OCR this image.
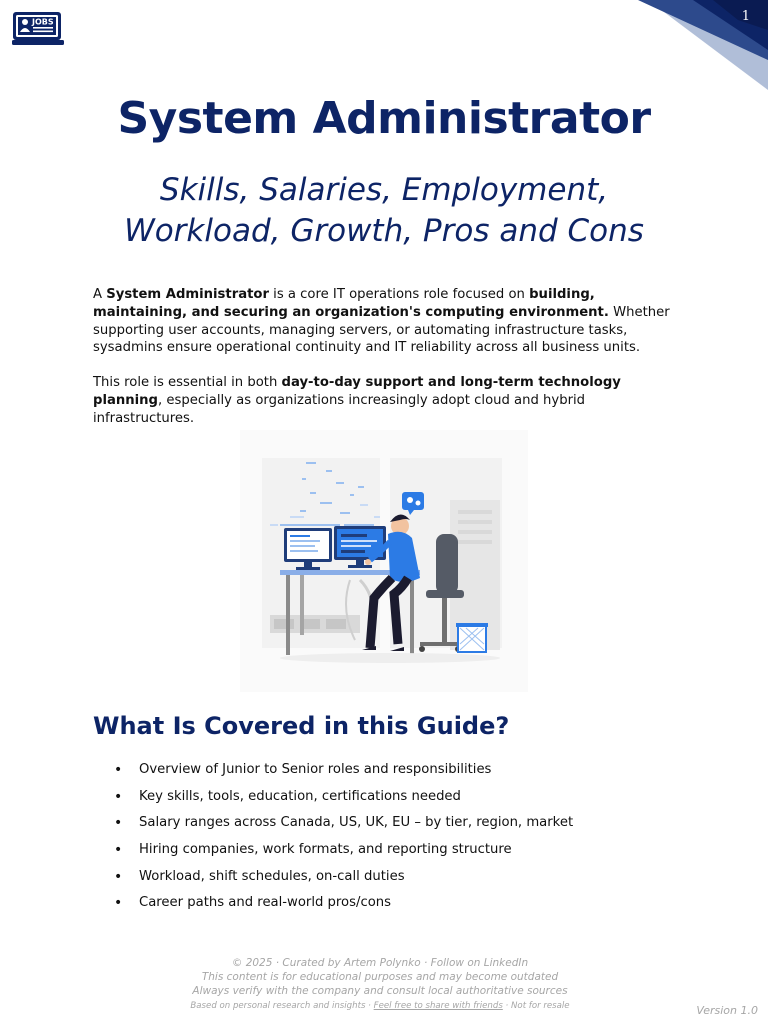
JOBS	1
System Administrator
Skills, Salaries, Employment,
Workload, Growth, Pros and Cons

A System Administrator is a core IT operations role focused on building, maintaining, and securing an organization's computing environment. Whether supporting user accounts, managing servers, or automating infrastructure tasks, sysadmins ensure operational continuity and IT reliability across all business units.

This role is essential in both day-to-day support and long-term technology planning, especially as organizations increasingly adopt cloud and hybrid infrastructures.

What Is Covered in this Guide?
• Overview of Junior to Senior roles and responsibilities
• Key skills, tools, education, certifications needed
• Salary ranges across Canada, US, UK, EU – by tier, region, market
• Hiring companies, work formats, and reporting structure
• Workload, shift schedules, on-call duties
• Career paths and real-world pros/cons
© 2025 · Curated by Artem Polynko · Follow on LinkedIn
This content is for educational purposes and may become outdated
Always verify with the company and consult local authoritative sources
Based on personal research and insights · Feel free to share with friends · Not for resale	Version 1.0
